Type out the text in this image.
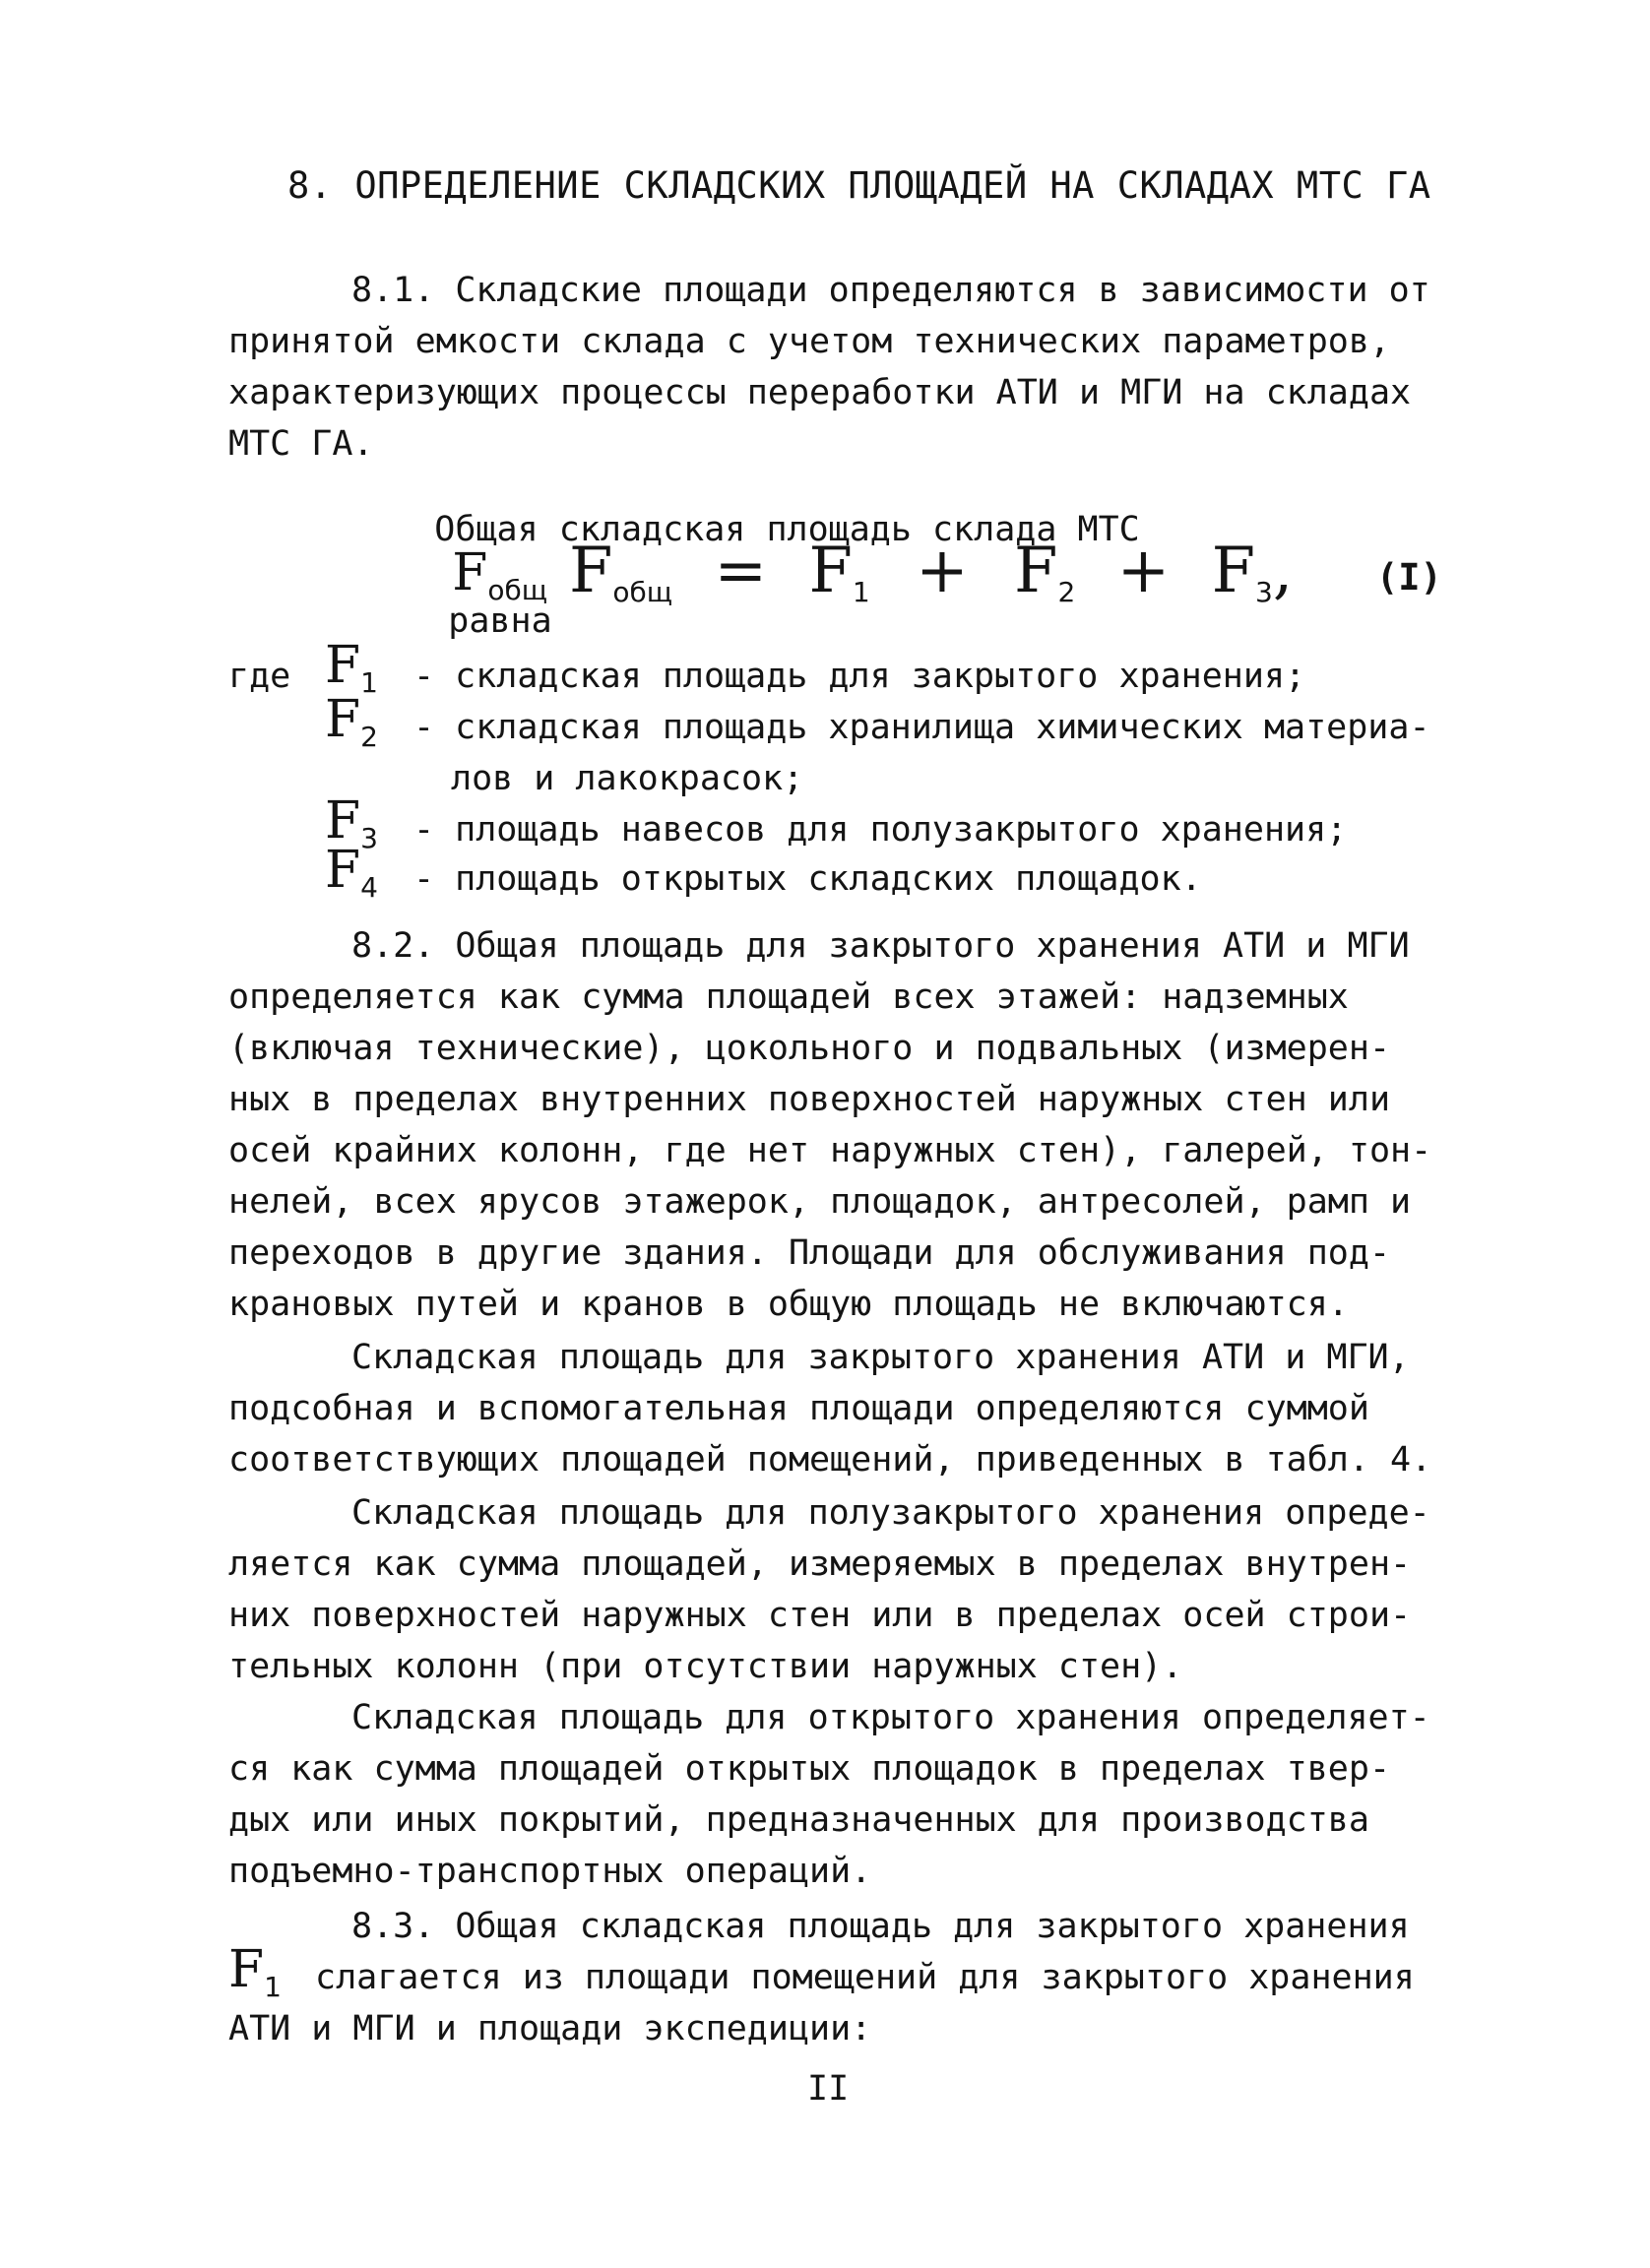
8. ОПРЕДЕЛЕНИЕ СКЛАДСКИХ ПЛОЩАДЕЙ НА СКЛАДАХ МТС ГА
8.1. Складские площади определяются в зависимости от
принятой емкости склада с учетом технических параметров,
характеризующих процессы переработки АТИ и МГИ на складах
МТС ГА.

Общая складская площадь склада МТС
$F_{общ}$
равна

$F_{общ} = F_1 + F_2 + F_3$, (I)
где $F_1$ - складская площадь для закрытого хранения;
$F_2$ - складская площадь хранилища химических материа-
лов и лакокрасок;
$F_3$ - площадь навесов для полузакрытого хранения;
$F_4$ - площадь открытых складских площадок.
8.2. Общая площадь для закрытого хранения АТИ и МГИ
определяется как сумма площадей всех этажей: надземных
(включая технические), цокольного и подвальных (измерен-
ных в пределах внутренних поверхностей наружных стен или
осей крайних колонн, где нет наружных стен), галерей, тон-
нелей, всех ярусов этажерок, площадок, антресолей, рамп и
переходов в другие здания. Площади для обслуживания под-
крановых путей и кранов в общую площадь не включаются.
Складская площадь для закрытого хранения АТИ и МГИ,
подсобная и вспомогательная площади определяются суммой
соответствующих площадей помещений, приведенных в табл. 4.
Складская площадь для полузакрытого хранения опреде-
ляется как сумма площадей, измеряемых в пределах внутрен-
них поверхностей наружных стен или в пределах осей строи-
тельных колонн (при отсутствии наружных стен).
Складская площадь для открытого хранения определяет-
ся как сумма площадей открытых площадок в пределах твер-
дых или иных покрытий, предназначенных для производства
подъемно-транспортных операций.
8.3. Общая складская площадь для закрытого хранения
$F_1$ слагается из площади помещений для закрытого хранения
АТИ и МГИ и площади экспедиции:
II
